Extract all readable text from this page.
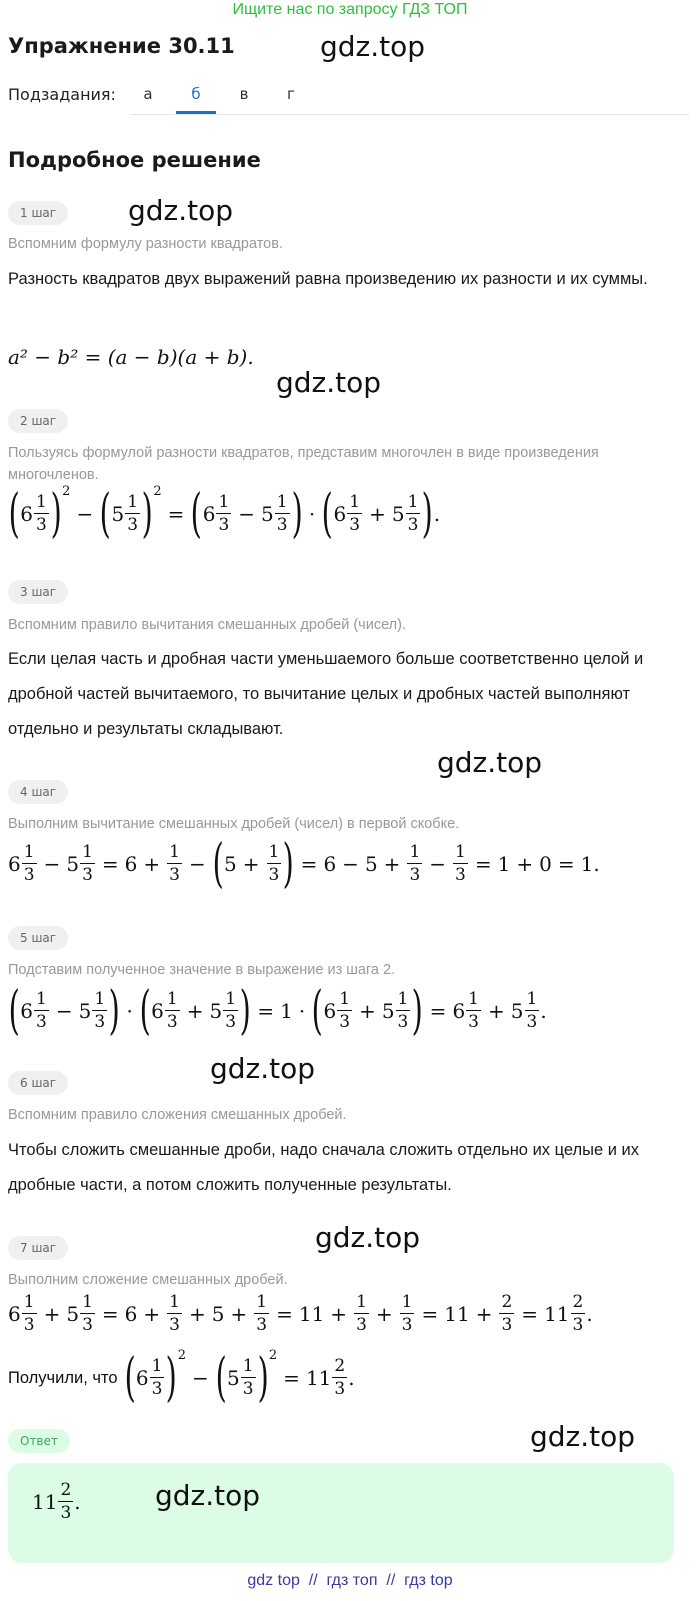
Ищите нас по запросу ГДЗ ТОП
Упражнение 30.11	gdz.top
Подзадания:	а	б	в	г
Подробное решение
1 шаг	gdz.top
Вспомним формулу разности квадратов.
Разность квадратов двух выражений равна произведению их разности и их суммы.
a² − b² = (a − b)(a + b).
gdz.top
2 шаг
Пользуясь формулой разности квадратов, представим многочлен в виде произведения многочленов.
( $6 \frac{1}{3}$ ) 2
− ( $5 \frac{1}{3}$ ) 2
= ( $6 \frac{1}{3} - 5 \frac{1}{3}$ ) · ( $6 \frac{1}{3} + 5 \frac{1}{3}$ ) .
3 шаг
Вспомним правило вычитания смешанных дробей (чисел).
Если целая часть и дробная части уменьшаемого больше соответственно целой и дробной частей вычитаемого, то вычитание целых и дробных частей выполняют отдельно и результаты складывают.
gdz.top
4 шаг
Выполним вычитание смешанных дробей (чисел) в первой скобке.
$6 \frac{1}{3} - 5 \frac{1}{3} = 6 + \frac{1}{3}$ − ( $5 + \frac{1}{3}$ ) = $6 - 5 + \frac{1}{3} - \frac{1}{3} = 1 + 0 = 1$.
5 шаг
Подставим полученное значение в выражение из шага 2.
( $6 \frac{1}{3} - 5 \frac{1}{3}$ ) · ( $6 \frac{1}{3} + 5 \frac{1}{3}$ ) = 1 · ( $6 \frac{1}{3} + 5 \frac{1}{3}$ ) = $6 \frac{1}{3} + 5 \frac{1}{3}$ .
gdz.top
6 шаг
Вспомним правило сложения смешанных дробей.
Чтобы сложить смешанные дроби, надо сначала сложить отдельно их целые и их дробные части, а потом сложить полученные результаты.
gdz.top
7 шаг
Выполним сложение смешанных дробей.
$6 \frac{1}{3} + 5 \frac{1}{3} = 6 + \frac{1}{3} + 5 + \frac{1}{3} = 11 + \frac{1}{3} + \frac{1}{3} = 11 + \frac{2}{3} = 11 \frac{2}{3}$ .
Получили, что ( $6 \frac{1}{3}$ ) 2
− ( $5 \frac{1}{3}$ ) 2
= $11 \frac{2}{3}$ .
Ответ	gdz.top
$11 \frac{2}{3}$ .	gdz.top
gdz top  //  гдз топ  //  гдз top
